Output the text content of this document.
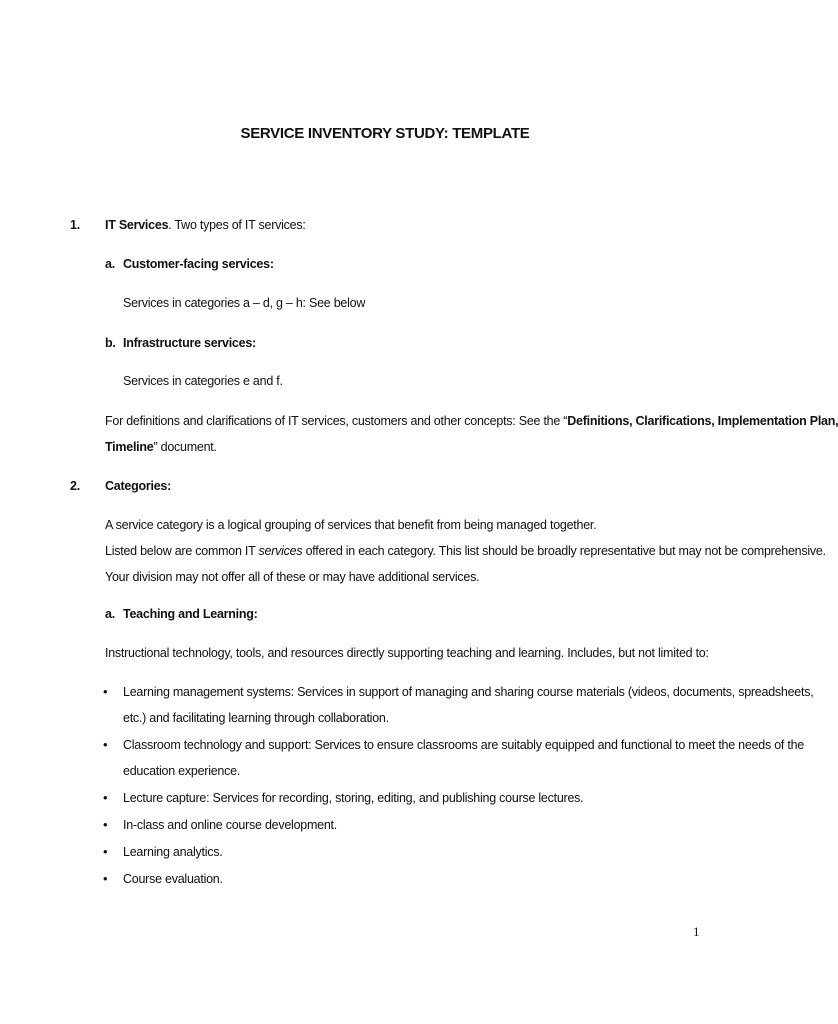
SERVICE INVENTORY STUDY: TEMPLATE
1. IT Services. Two types of IT services:
a. Customer-facing services:
Services in categories a – d, g – h: See below
b. Infrastructure services:
Services in categories e and f.
For definitions and clarifications of IT services, customers and other concepts: See the “Definitions, Clarifications, Implementation Plan,
Timeline” document.
2. Categories:
A service category is a logical grouping of services that benefit from being managed together.
Listed below are common IT services offered in each category. This list should be broadly representative but may not be comprehensive.
Your division may not offer all of these or may have additional services.
a. Teaching and Learning:
Instructional technology, tools, and resources directly supporting teaching and learning. Includes, but not limited to:
• Learning management systems: Services in support of managing and sharing course materials (videos, documents, spreadsheets,
etc.) and facilitating learning through collaboration.
• Classroom technology and support: Services to ensure classrooms are suitably equipped and functional to meet the needs of the
education experience.
• Lecture capture: Services for recording, storing, editing, and publishing course lectures.
• In-class and online course development.
• Learning analytics.
• Course evaluation.
1
